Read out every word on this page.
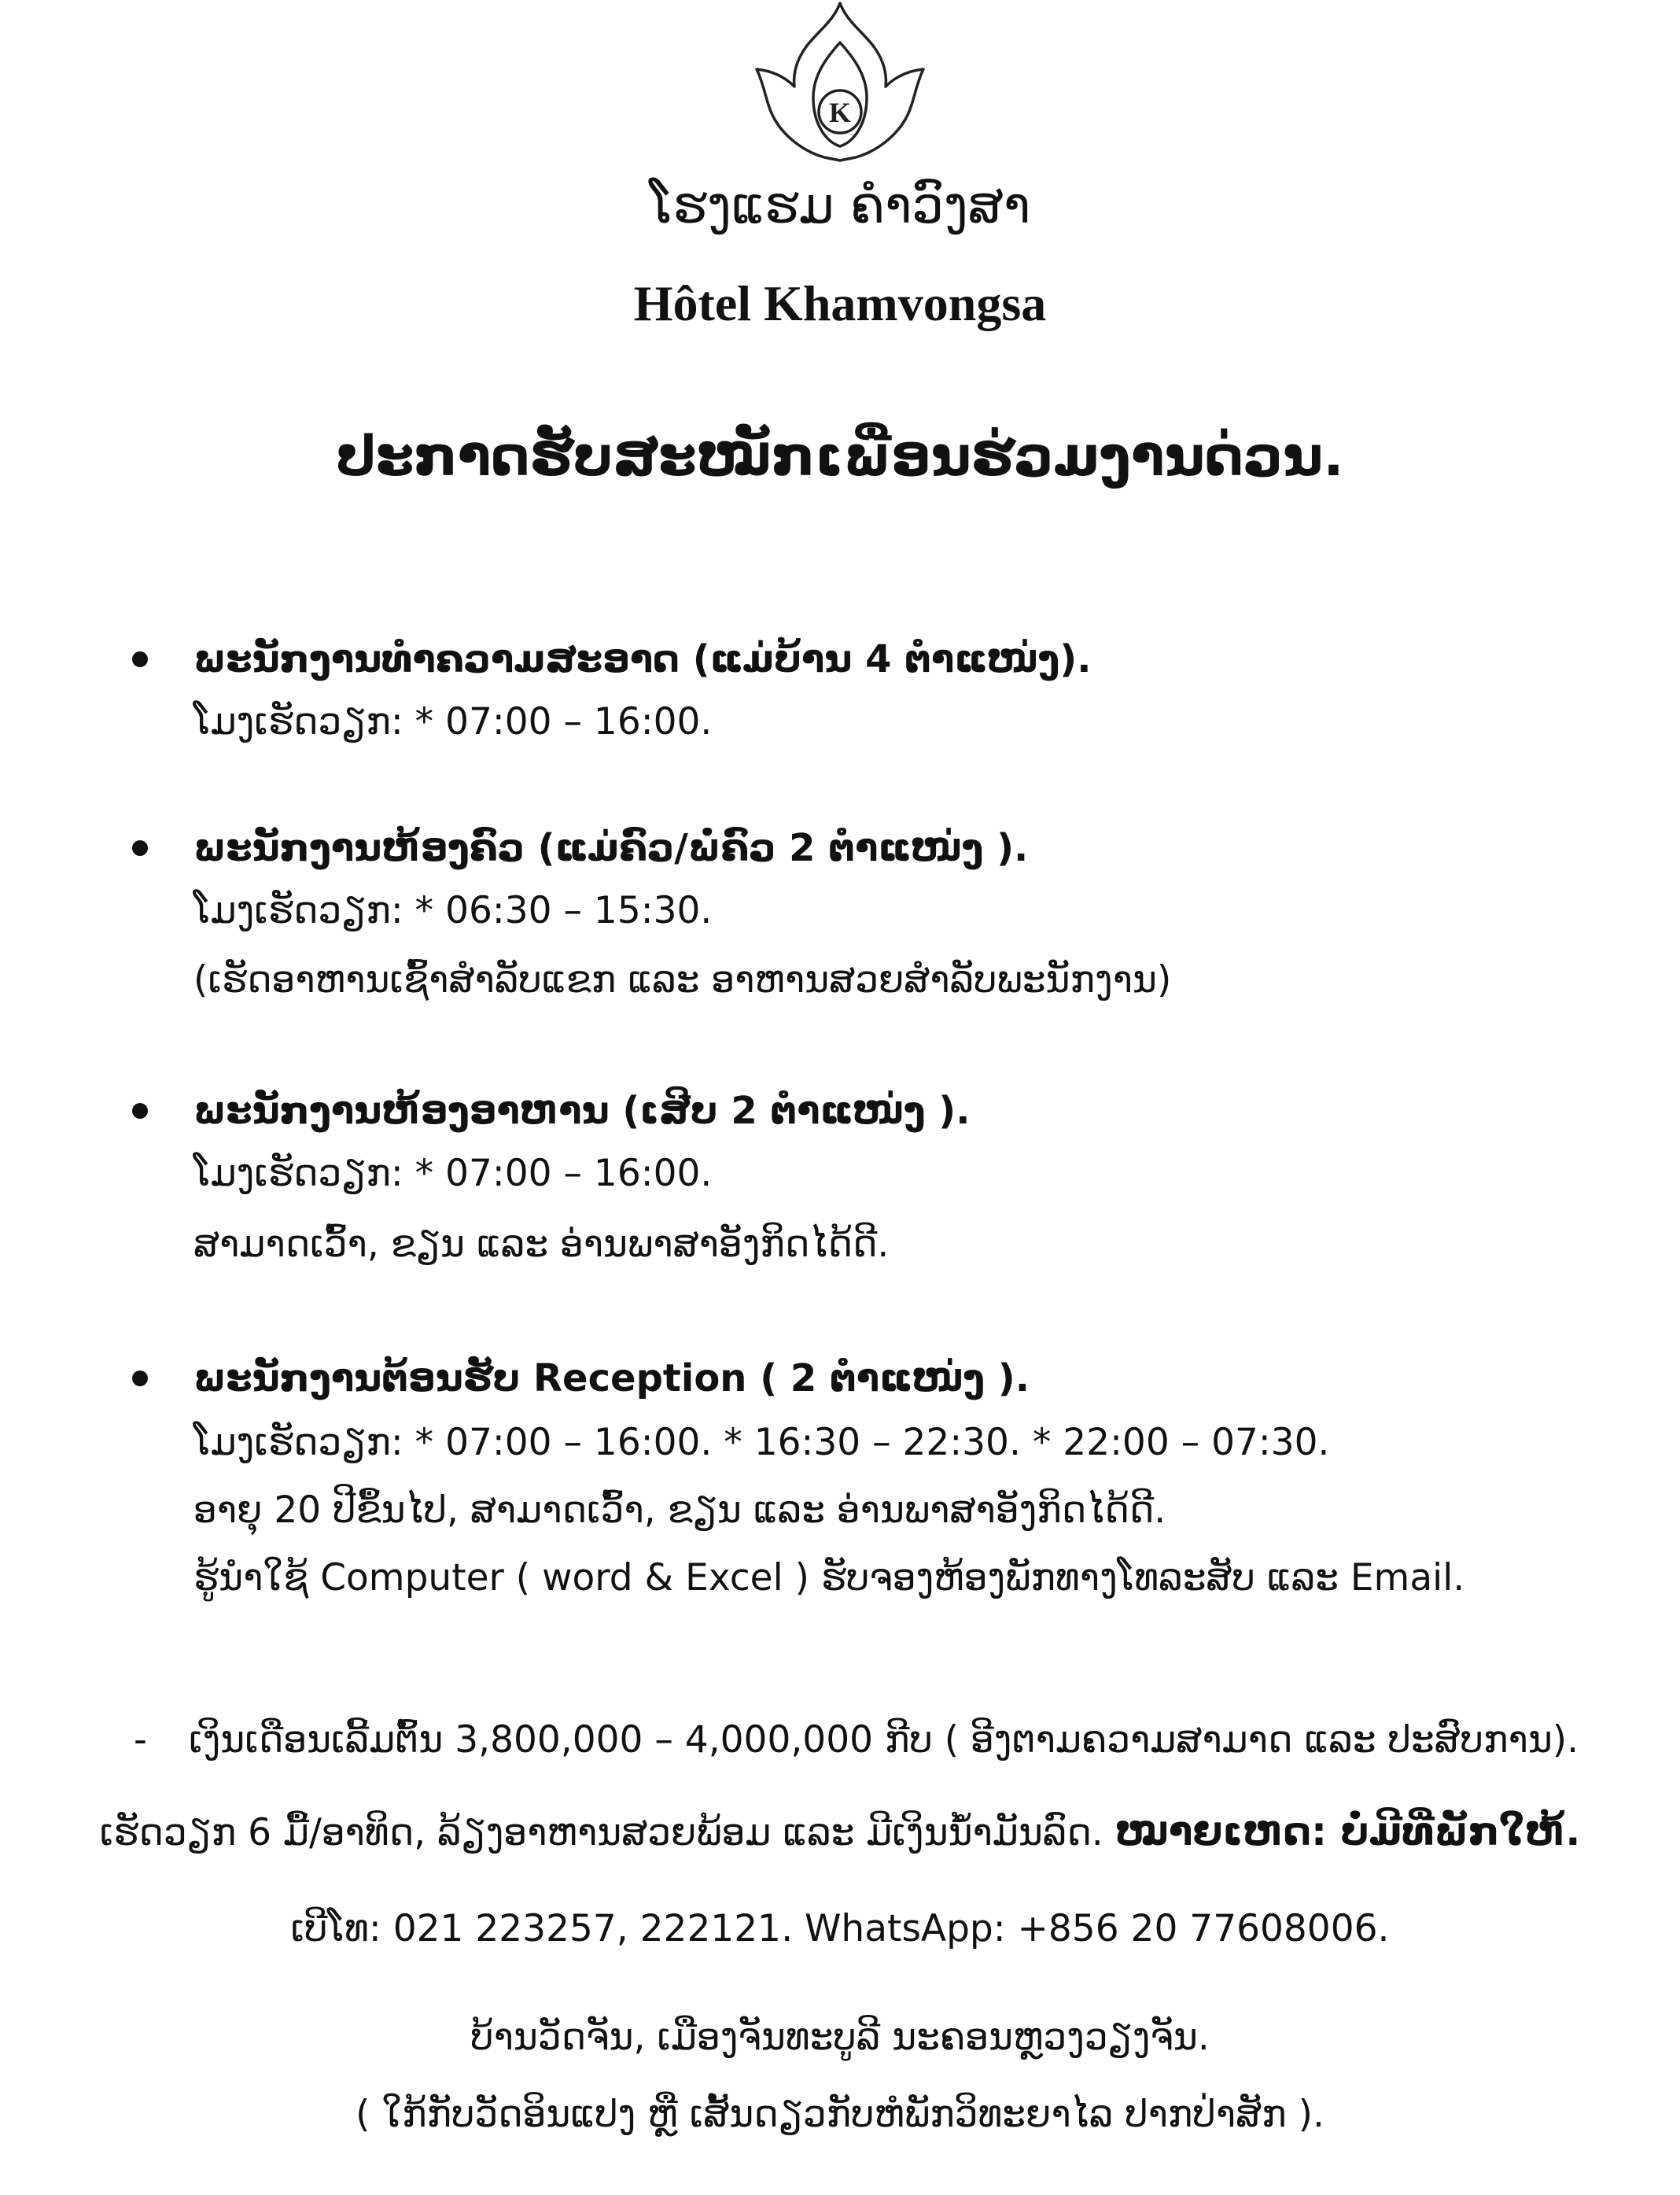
K
ໂຮງແຮມ ຄໍາວົງສາ
Hôtel Khamvongsa
ປະກາດຮັບສະໝັກເພື່ອນຮ່ວມງານດ່ວນ.
ພະນັກງານທໍາຄວາມສະອາດ (ແມ່ບ້ານ 4 ຕໍາແໜ່ງ).
ໂມງເຮັດວຽກ: * 07:00 – 16:00.
ພະນັກງານຫ້ອງຄົວ (ແມ່ຄົວ/ພໍ່ຄົວ 2 ຕໍາແໜ່ງ ).
ໂມງເຮັດວຽກ: * 06:30 – 15:30.
(ເຮັດອາຫານເຊົ້າສໍາລັບແຂກ ແລະ ອາຫານສວຍສໍາລັບພະນັກງານ)
ພະນັກງານຫ້ອງອາຫານ (ເສີບ 2 ຕໍາແໜ່ງ ).
ໂມງເຮັດວຽກ: * 07:00 – 16:00.
ສາມາດເວົ້າ, ຂຽນ ແລະ ອ່ານພາສາອັງກິດໄດ້ດີ.
ພະນັກງານຕ້ອນຮັບ Reception ( 2 ຕໍາແໜ່ງ ).
ໂມງເຮັດວຽກ: * 07:00 – 16:00. * 16:30 – 22:30. * 22:00 – 07:30.
ອາຍຸ 20 ປີຂຶ້ນໄປ, ສາມາດເວົ້າ, ຂຽນ ແລະ ອ່ານພາສາອັງກິດໄດ້ດີ.
ຮູ້ນໍາໃຊ້ Computer ( word & Excel ) ຮັບຈອງຫ້ອງພັກທາງໂທລະສັບ ແລະ Email.
- ເງິນເດືອນເລີ້ມຕົ້ນ 3,800,000 – 4,000,000 ກີບ ( ອີງຕາມຄວາມສາມາດ ແລະ ປະສົບການ).
ເຮັດວຽກ 6 ມື້/ອາທິດ, ລ້ຽງອາຫານສວຍພ້ອມ ແລະ ມີເງິນນໍ້າມັນລົດ. ໝາຍເຫດ: ບໍ່ມີທີ່ພັກໃຫ້.
ເບີໂທ: 021 223257, 222121. WhatsApp: +856 20 77608006.
ບ້ານວັດຈັນ, ເມືອງຈັນທະບູລີ ນະຄອນຫຼວງວຽງຈັນ.
( ໃກ້ກັບວັດອິນແປງ ຫຼື ເສັ້ນດຽວກັບຫໍພັກວິທະຍາໄລ ປາກປ່າສັກ ).
